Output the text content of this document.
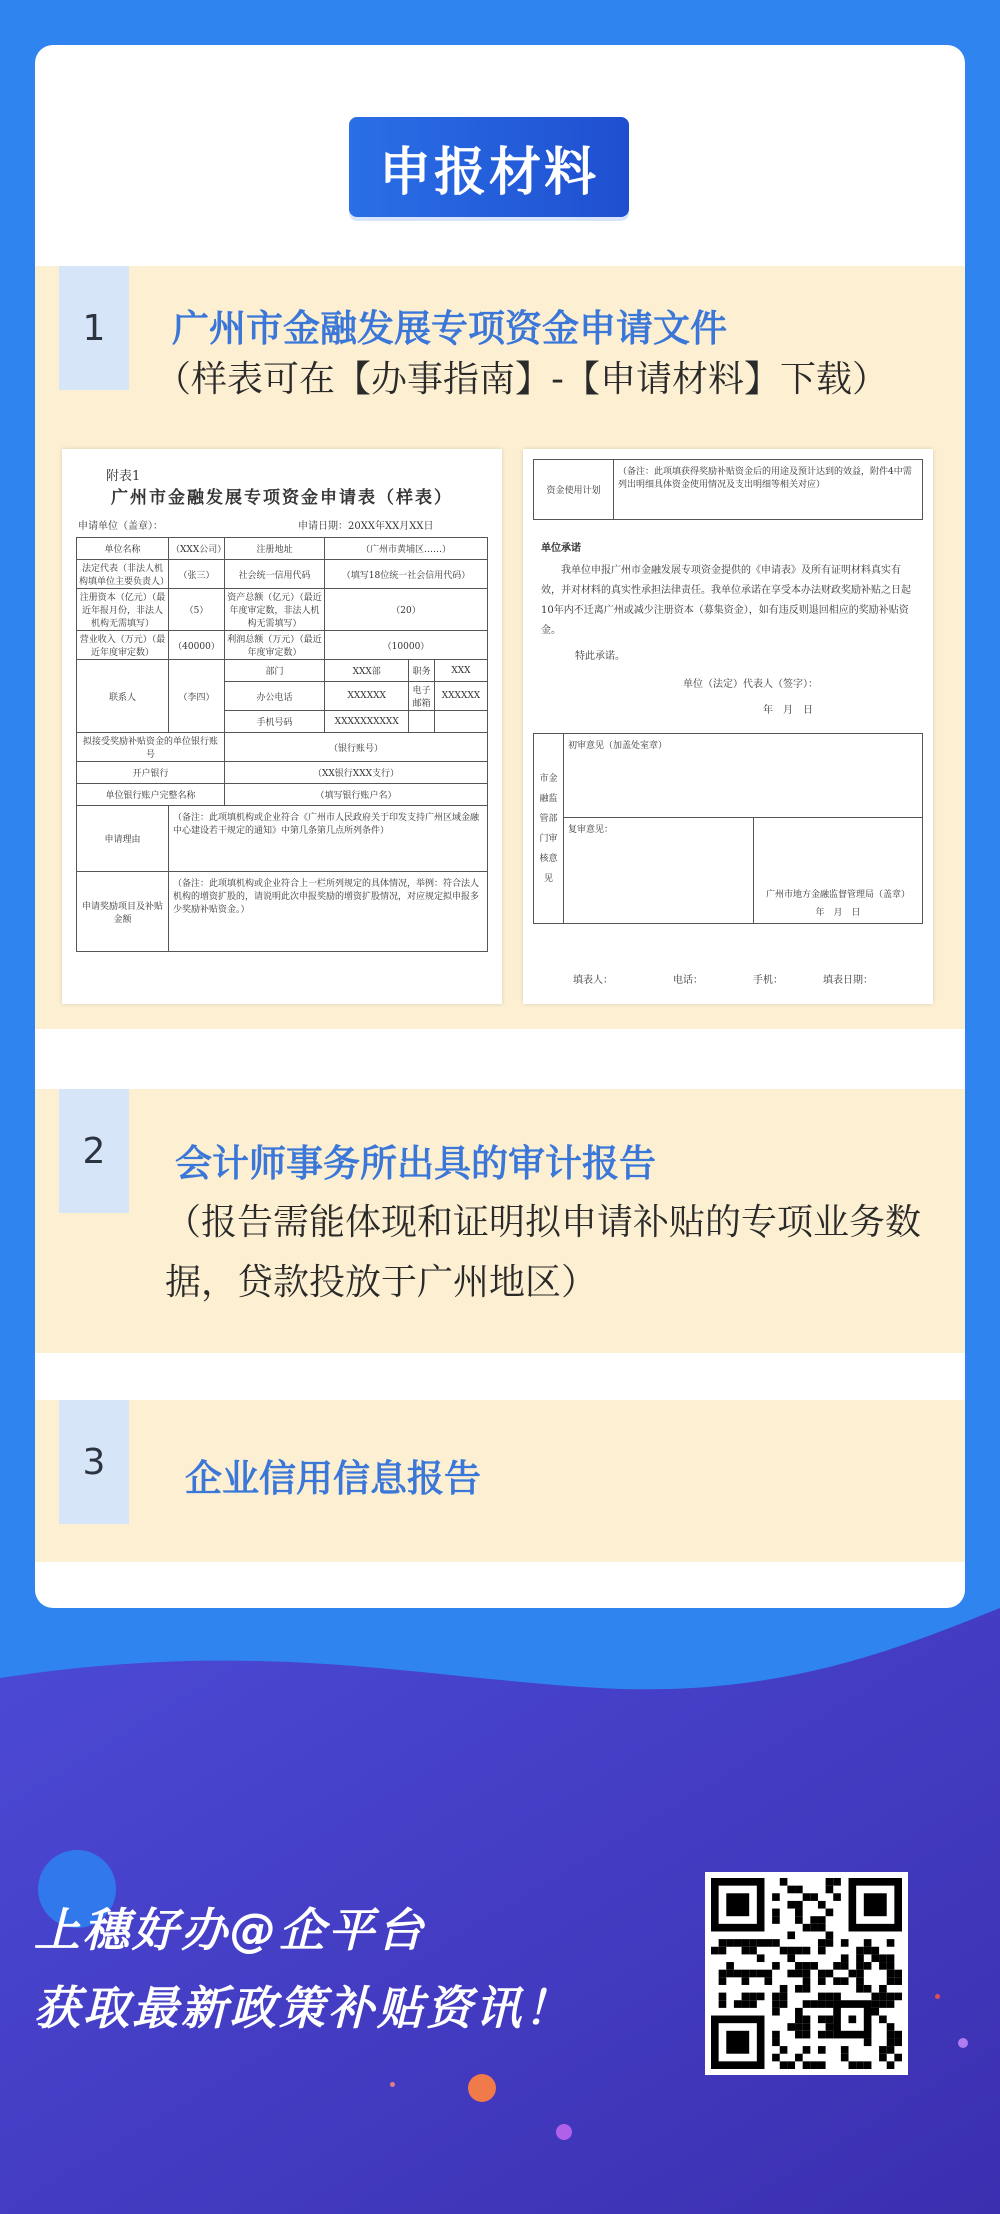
申报材料
1	广州市金融发展专项资金申请文件
（样表可在【办事指南】-【申请材料】下载）
附表1
广州市金融发展专项资金申请表（样表）
申请单位（盖章）：	申请日期：20XX年XX月XX日
单位名称	（XXX公司）	注册地址	（广州市黄埔区……）		
法定代表（非法人机构填单位主要负责人）	（张三）	社会统一信用代码	（填写18位统一社会信用代码）		
注册资本（亿元）（最近年报月份，非法人机构无需填写）	（5）	资产总额（亿元）（最近年度审定数，非法人机构无需填写）	（20）		
营业收入（万元）（最近年度审定数）	（40000）	利润总额（万元）（最近年度审定数）	（10000）		
联系人	（李四）	部门	XXX部	职务	XXX
		办公电话	XXXXXX	电子邮箱	XXXXXX
		手机号码	XXXXXXXXXX		
拟接受奖励补贴资金的单位银行账号		（银行账号）			
开户银行		（XX银行XXX支行）			
单位银行账户完整名称		（填写银行账户名）			
申请理由	（备注：此项填机构或企业符合《广州市人民政府关于印发支持广州区域金融中心建设若干规定的通知》中第几条第几点所列条件）				
申请奖励项目及补贴金额	（备注：此项填机构或企业符合上一栏所列规定的具体情况，举例：符合法人机构的增资扩股的，请说明此次申报奖励的增资扩股情况，对应规定拟申报多少奖励补贴资金。）				
资金使用计划	（备注：此项填获得奖励补贴资金后的用途及预计达到的效益，附件4中需列出明细具体资金使用情况及支出明细等相关对应）
单位承诺
我单位申报广州市金融发展专项资金提供的《申请表》及所有证明材料真实有效，并对材料的真实性承担法律责任。我单位承诺在享受本办法财政奖励补贴之日起10年内不迁离广州或减少注册资本（募集资金），如有违反则退回相应的奖励补贴资金。
特此承诺。
单位（法定）代表人（签字）：
年　月　日
市金融监管部门审核意见	初审意见（加盖处室章）	
	复审意见：	广州市地方金融监督管理局（盖章）
年　月　日
填表人：	电话：	手机：	填表日期：
2	会计师事务所出具的审计报告
（报告需能体现和证明拟申请补贴的专项业务数据，贷款投放于广州地区）
3	企业信用信息报告
上穗好办@企平台
获取最新政策补贴资讯！
